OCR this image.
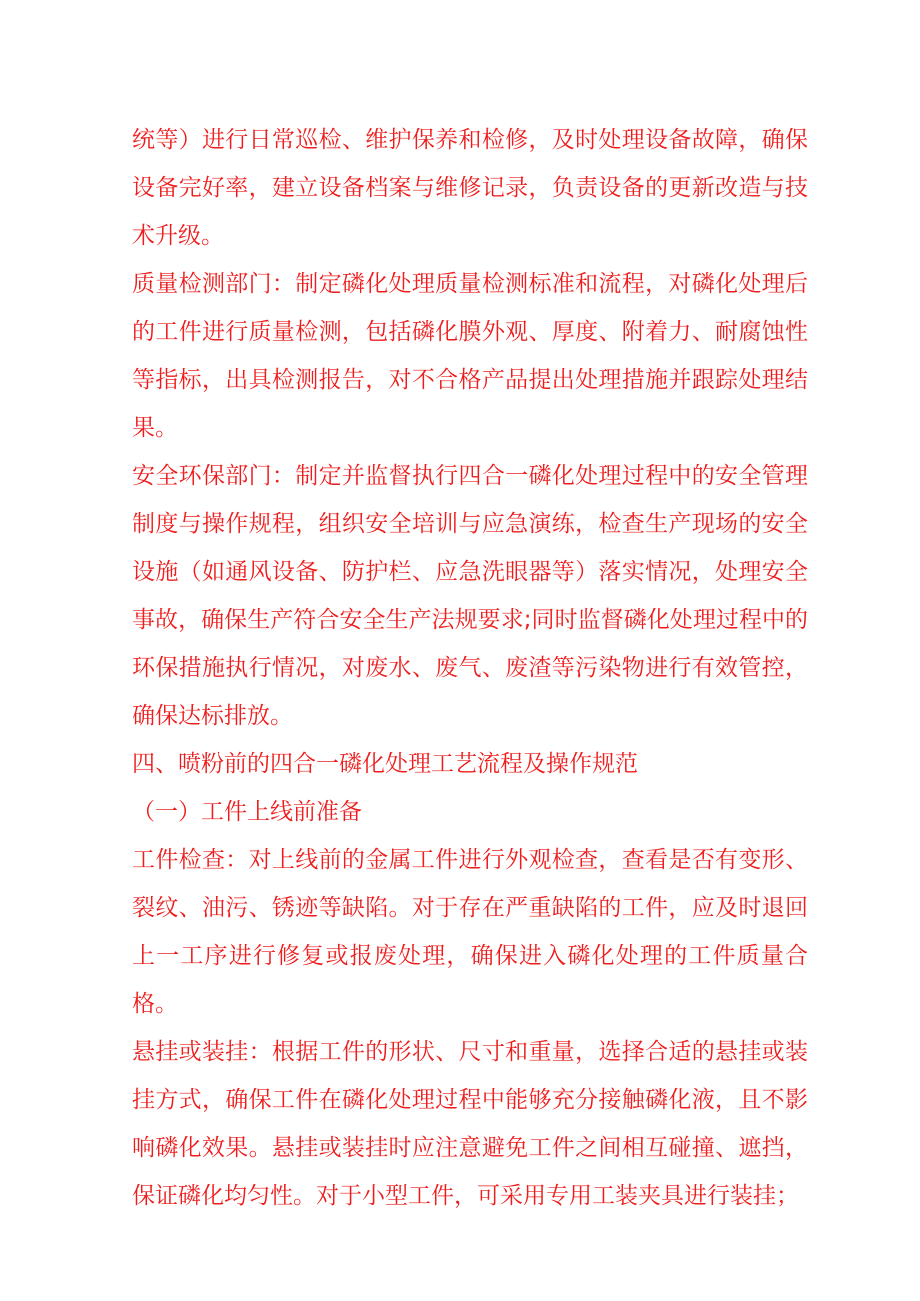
统等）进行日常巡检、维护保养和检修，及时处理设备故障，确保设备完好率，建立设备档案与维修记录，负责设备的更新改造与技术升级。

质量检测部门：制定磷化处理质量检测标准和流程，对磷化处理后的工件进行质量检测，包括磷化膜外观、厚度、附着力、耐腐蚀性等指标，出具检测报告，对不合格产品提出处理措施并跟踪处理结果。

安全环保部门：制定并监督执行四合一磷化处理过程中的安全管理制度与操作规程，组织安全培训与应急演练，检查生产现场的安全设施（如通风设备、防护栏、应急洗眼器等）落实情况，处理安全事故，确保生产符合安全生产法规要求;同时监督磷化处理过程中的环保措施执行情况，对废水、废气、废渣等污染物进行有效管控，确保达标排放。

四、喷粉前的四合一磷化处理工艺流程及操作规范

（一）工件上线前准备

工件检查：对上线前的金属工件进行外观检查，查看是否有变形、裂纹、油污、锈迹等缺陷。对于存在严重缺陷的工件，应及时退回上一工序进行修复或报废处理，确保进入磷化处理的工件质量合格。

悬挂或装挂：根据工件的形状、尺寸和重量，选择合适的悬挂或装挂方式，确保工件在磷化处理过程中能够充分接触磷化液，且不影响磷化效果。悬挂或装挂时应注意避免工件之间相互碰撞、遮挡，保证磷化均匀性。对于小型工件，可采用专用工装夹具进行装挂；
